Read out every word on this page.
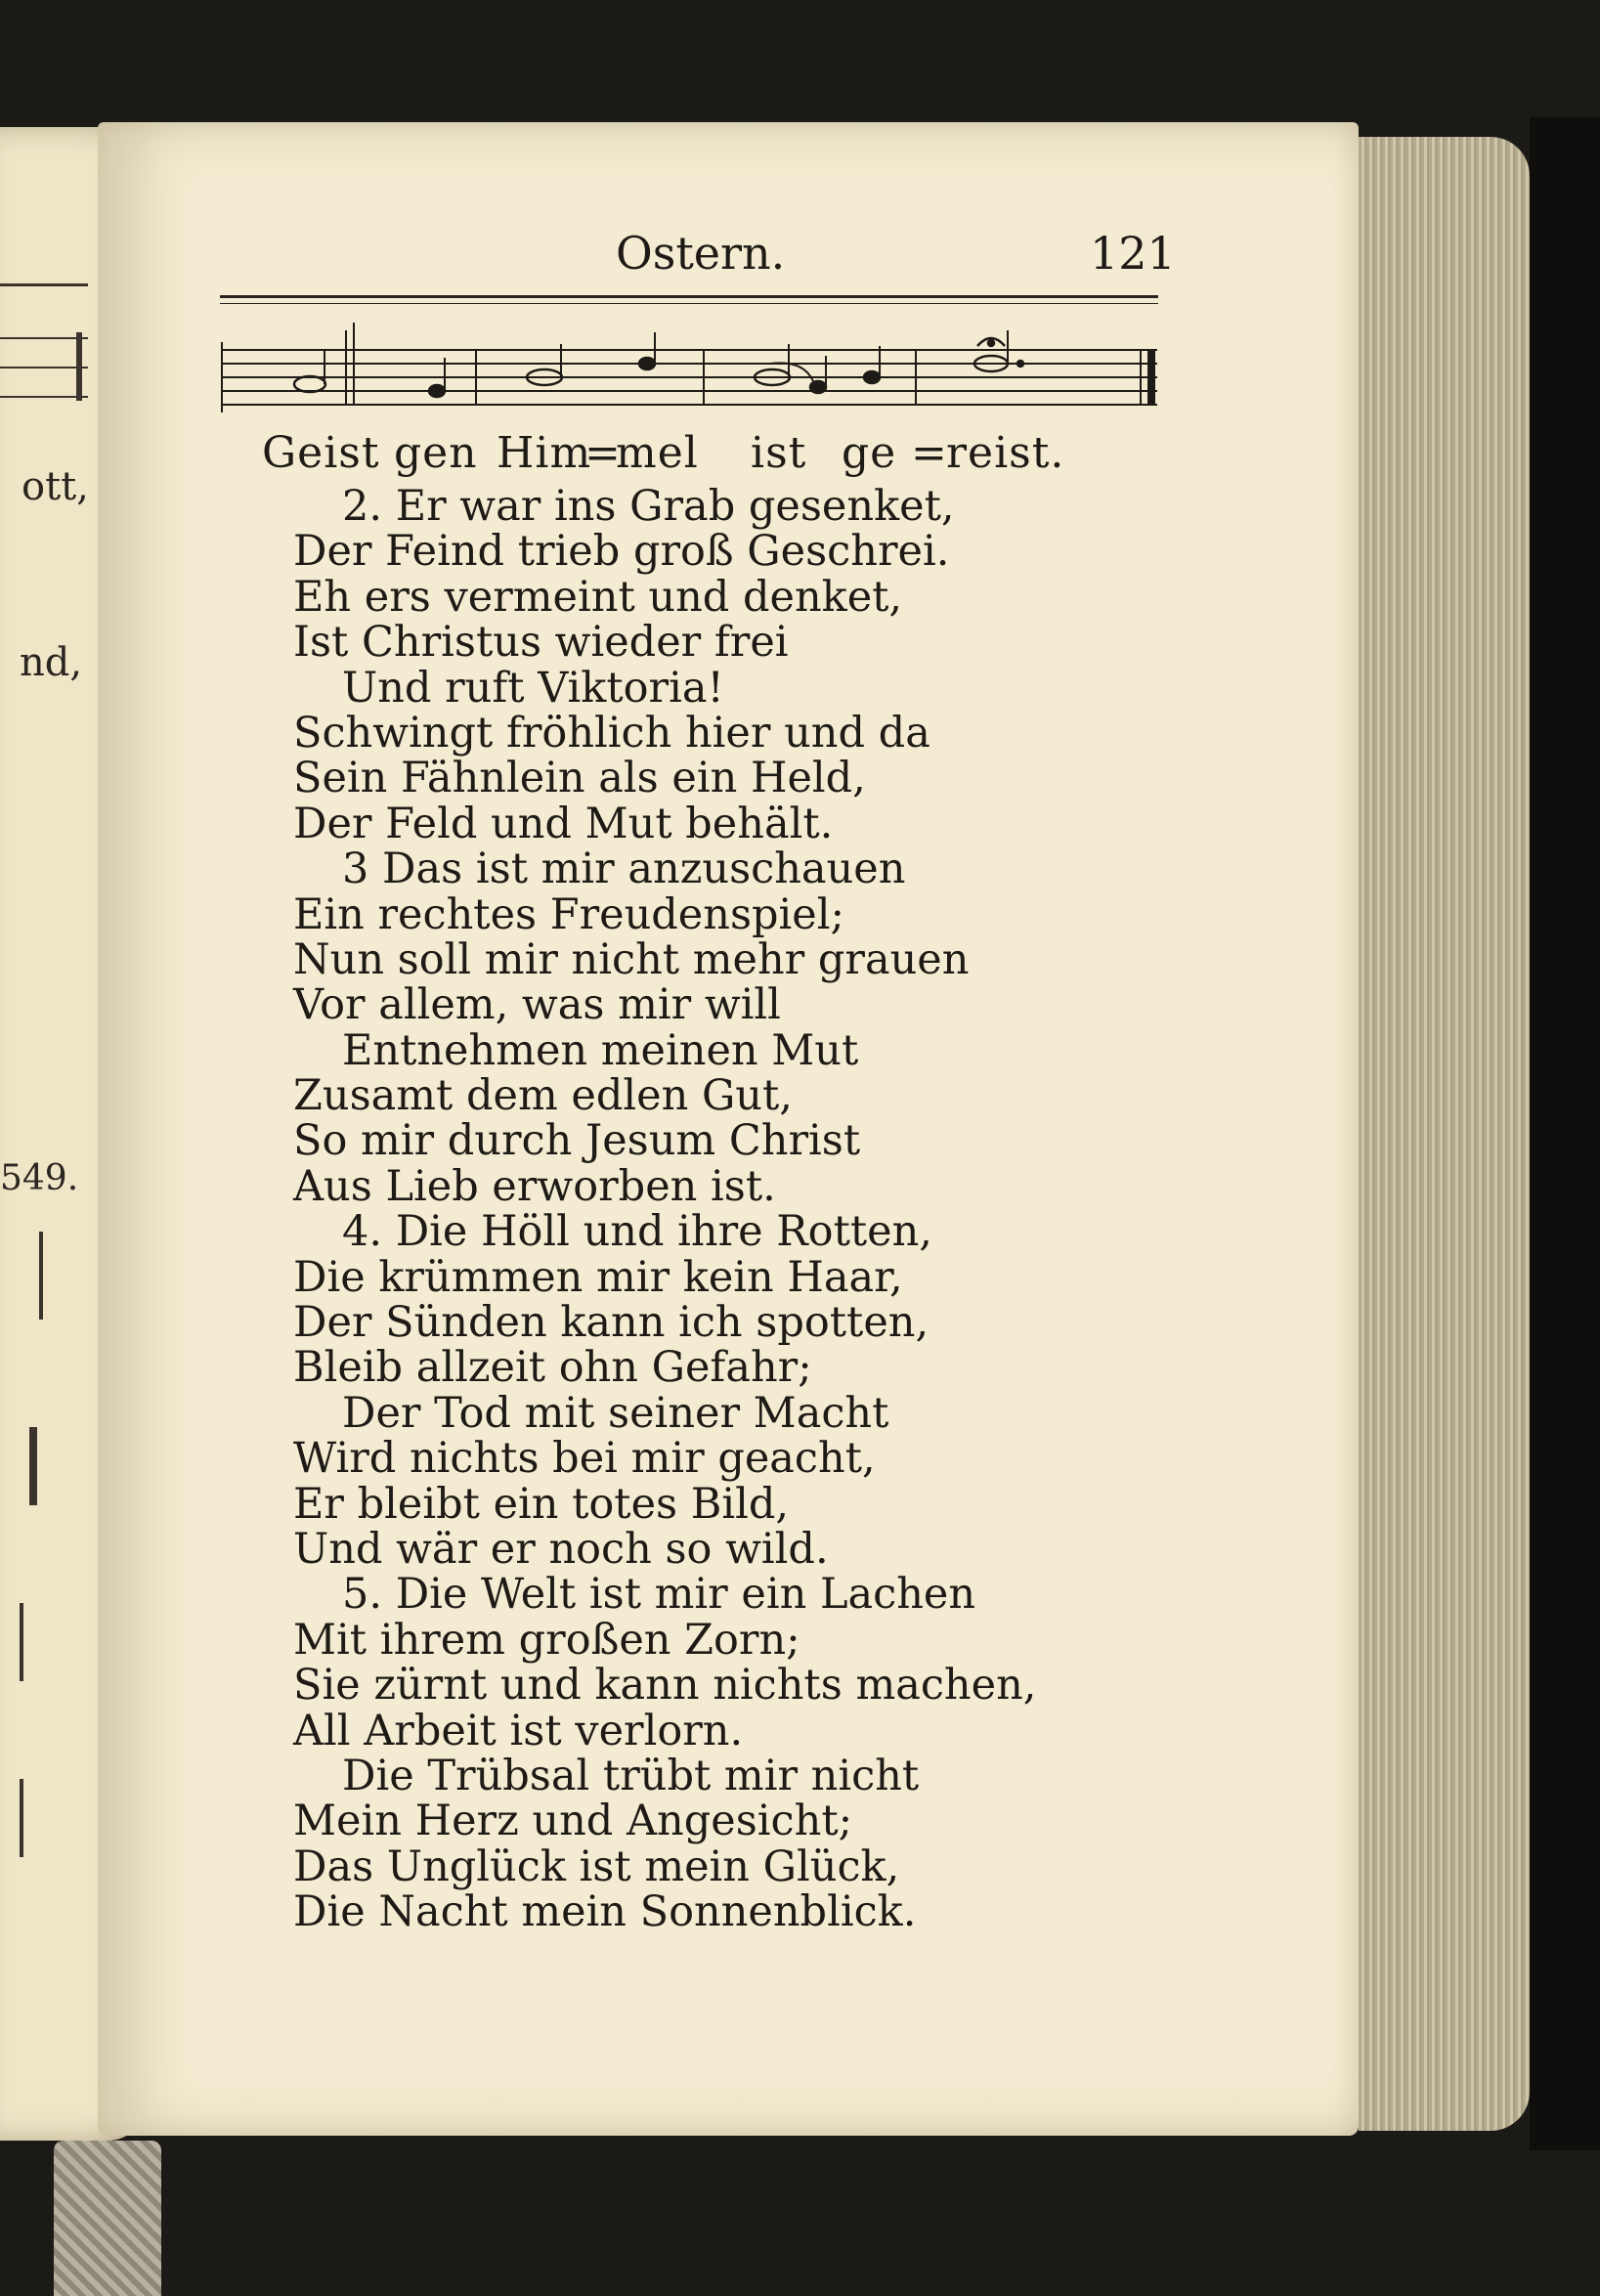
ott,
nd,
549.

Ostern.	121
Geist gen Him
=
mel ist ge =
reist.
2. Er war ins Grab gesenket,
Der Feind trieb groß Geschrei.
Eh ers vermeint und denket,
Ist Christus wieder frei
Und ruft Viktoria!
Schwingt fröhlich hier und da
Sein Fähnlein als ein Held,
Der Feld und Mut behält.
3 Das ist mir anzuschauen
Ein rechtes Freudenspiel;
Nun soll mir nicht mehr grauen
Vor allem, was mir will
Entnehmen meinen Mut
Zusamt dem edlen Gut,
So mir durch Jesum Christ
Aus Lieb erworben ist.
4. Die Höll und ihre Rotten,
Die krümmen mir kein Haar,
Der Sünden kann ich spotten,
Bleib allzeit ohn Gefahr;
Der Tod mit seiner Macht
Wird nichts bei mir geacht,
Er bleibt ein totes Bild,
Und wär er noch so wild.
5. Die Welt ist mir ein Lachen
Mit ihrem großen Zorn;
Sie zürnt und kann nichts machen,
All Arbeit ist verlorn.
Die Trübsal trübt mir nicht
Mein Herz und Angesicht;
Das Unglück ist mein Glück,
Die Nacht mein Sonnenblick.
